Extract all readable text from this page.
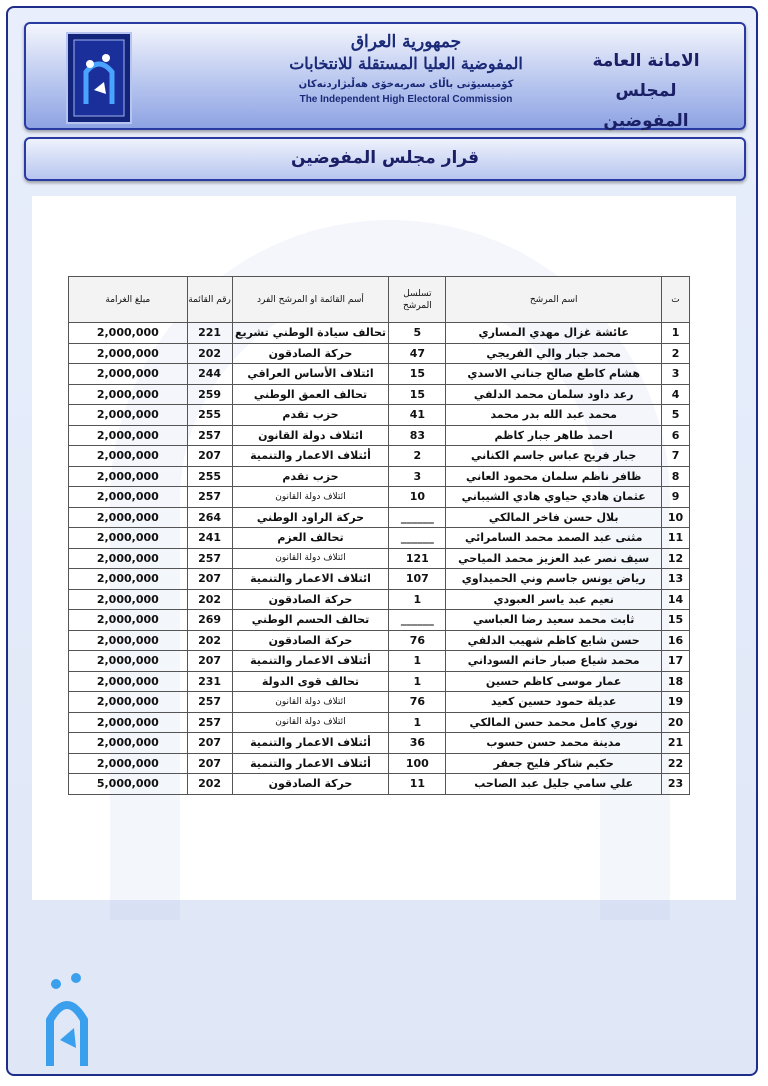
جمهورية العراق
المفوضية العليا المستقلة للانتخابات
كۆمیسیۆنی باڵای سەربەخۆی هەڵبژاردنەکان
The Independent High Electoral Commission
الامانة العامة
لمجلس المفوضين
قرار مجلس المفوضين
ت	اسم المرشح	تسلسل المرشح	أسم القائمة او المرشح الفرد	رقم القائمة	مبلغ الغرامة
1	عائشة غزال مهدي المساري	5	تحالف سيادة الوطني تشريع	221	2,000,000
2	محمد جبار والي الفريجي	47	حركة الصادقون	202	2,000,000
3	هشام كاطع صالح جناني الاسدي	15	ائتلاف الأساس العراقي	244	2,000,000
4	رعد داود سلمان محمد الدلفي	15	تحالف العمق الوطني	259	2,000,000
5	محمد عبد الله بدر محمد	41	حزب تقدم	255	2,000,000
6	احمد طاهر جبار كاظم	83	ائتلاف دولة القانون	257	2,000,000
7	جبار فريح عباس جاسم الكناني	2	أئتلاف الاعمار والتنمية	207	2,000,000
8	ظافر ناظم سلمان محمود العاني	3	حزب تقدم	255	2,000,000
9	عثمان هادي حياوي هادي الشيباني	10	ائتلاف دولة القانون	257	2,000,000
10	بلال حسن فاخر المالكي	______	حركة الراود الوطني	264	2,000,000
11	مثنى عبد الصمد محمد السامرائي	______	تحالف العزم	241	2,000,000
12	سيف نصر عبد العزيز محمد المياحي	121	ائتلاف دولة القانون	257	2,000,000
13	رياض يونس جاسم وني الحميداوي	107	ائتلاف الاعمار والتنمية	207	2,000,000
14	نعيم عبد ياسر العبودي	1	حركة الصادقون	202	2,000,000
15	ثابت محمد سعيد رضا العباسي	______	تحالف الحسم الوطني	269	2,000,000
16	حسن شايع كاظم شهيب الدلفي	76	حركة الصادقون	202	2,000,000
17	محمد شياع صبار حاتم السوداني	1	أئتلاف الاعمار والتنمية	207	2,000,000
18	عمار موسى كاظم حسين	1	تحالف قوى الدولة	231	2,000,000
19	عديلة حمود حسين كعيد	76	ائتلاف دولة القانون	257	2,000,000
20	نوري كامل محمد حسن المالكي	1	ائتلاف دولة القانون	257	2,000,000
21	مدينة محمد حسن حسوب	36	أئتلاف الاعمار والتنمية	207	2,000,000
22	حكيم شاكر فليح جعفر	100	أئتلاف الاعمار والتنمية	207	2,000,000
23	علي سامي جليل عبد الصاحب	11	حركة الصادقون	202	5,000,000
